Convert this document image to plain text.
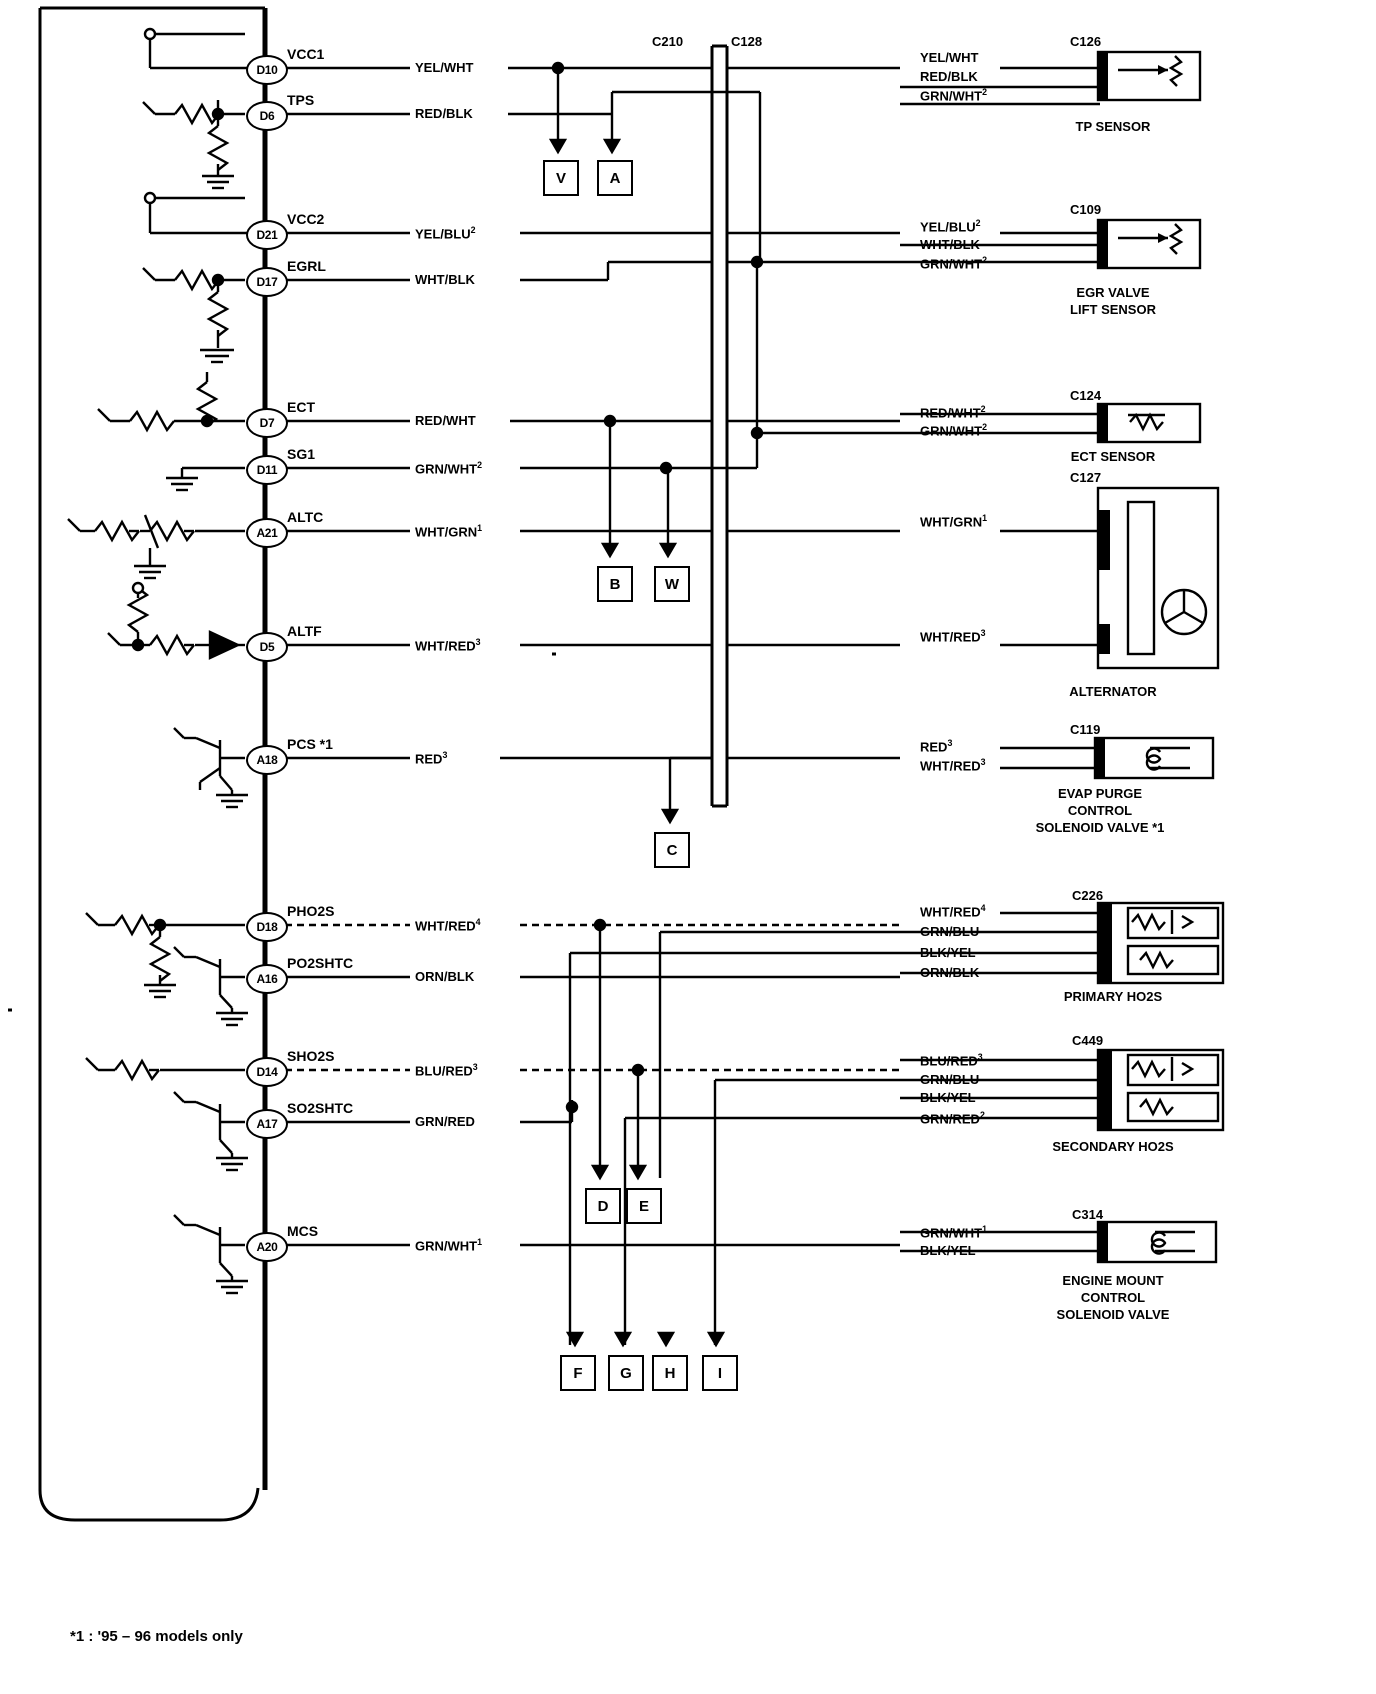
C210	C128
D10
VCC1
YEL/WHT
D6
TPS
RED/BLK
D21
VCC2
YEL/BLU$^2$
D17
EGRL
WHT/BLK
D7
ECT
RED/WHT
D11
SG1
GRN/WHT$^2$
A21
ALTC
WHT/GRN$^1$
D5
ALTF
WHT/RED$^3$
A18
PCS *1
RED$^3$
D18
PHO2S
WHT/RED$^4$
A16
PO2SHTC
ORN/BLK
D14
SHO2S
BLU/RED$^3$
A17
SO2SHTC
GRN/RED
A20
MCS
GRN/WHT$^1$
V	A
B	W
C
D	E
F	G	H	I
C126
YEL/WHT
RED/BLK
GRN/WHT$^2$
TP SENSOR
C109
YEL/BLU$^2$
WHT/BLK
GRN/WHT$^2$
EGR VALVE
LIFT SENSOR
C124
RED/WHT$^2$
GRN/WHT$^2$
ECT SENSOR
C127
WHT/GRN$^1$
WHT/RED$^3$
ALTERNATOR
C119
RED$^3$
WHT/RED$^3$
EVAP PURGE
CONTROL
SOLENOID VALVE *1
C226
WHT/RED$^4$
GRN/BLU
BLK/YEL
ORN/BLK
PRIMARY HO2S
C449
BLU/RED$^3$
GRN/BLU
BLK/YEL
GRN/RED$^2$
SECONDARY HO2S
C314
GRN/WHT$^1$
BLK/YEL
ENGINE MOUNT
CONTROL
SOLENOID VALVE
*1 : '95 – 96 models only
